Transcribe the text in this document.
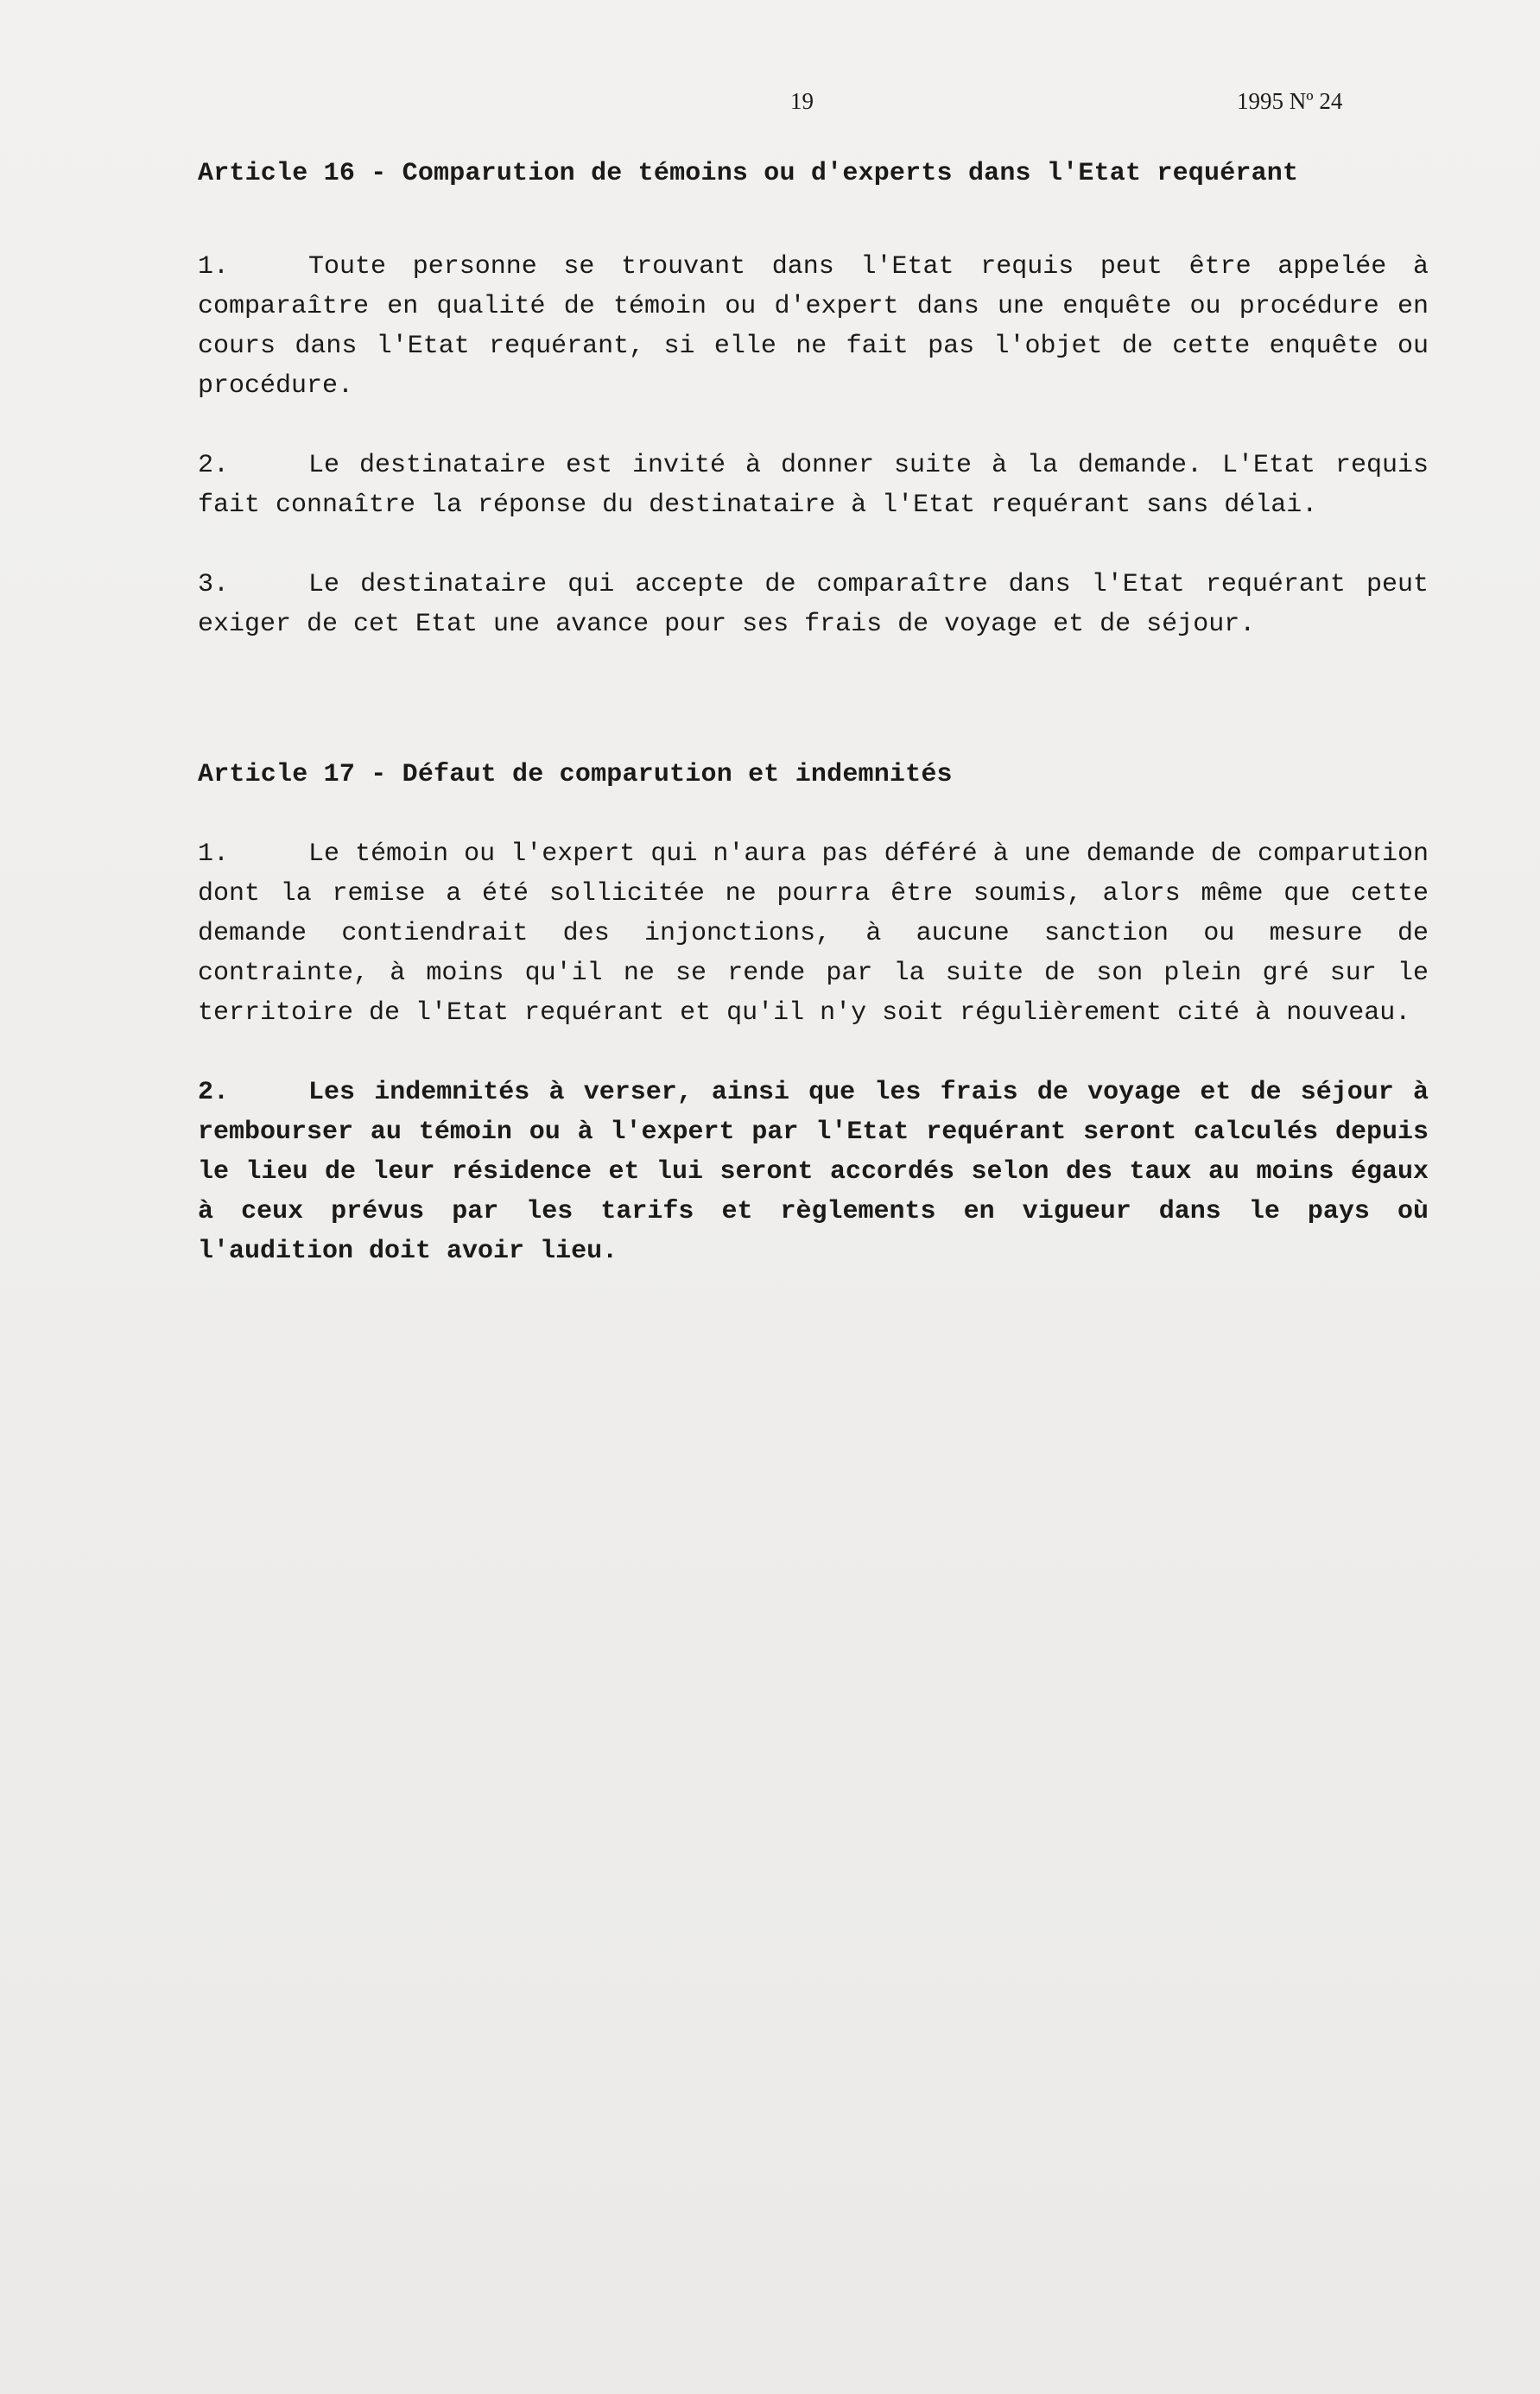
19	1995 Nº 24
Article 16 - Comparution de témoins ou d'experts dans l'Etat requérant

1.	Toute personne se trouvant dans l'Etat requis peut être appelée à comparaître en qualité de témoin ou d'expert dans une enquête ou procédure en cours dans l'Etat requérant, si elle ne fait pas l'objet de cette enquête ou procédure.

2.	Le destinataire est invité à donner suite à la demande. L'Etat requis fait connaître la réponse du destinataire à l'Etat requérant sans délai.

3.	Le destinataire qui accepte de comparaître dans l'Etat requérant peut exiger de cet Etat une avance pour ses frais de voyage et de séjour.

Article 17 - Défaut de comparution et indemnités

1.	Le témoin ou l'expert qui n'aura pas déféré à une demande de comparution dont la remise a été sollicitée ne pourra être soumis, alors même que cette demande contiendrait des injonctions, à aucune sanction ou mesure de contrainte, à moins qu'il ne se rende par la suite de son plein gré sur le territoire de l'Etat requérant et qu'il n'y soit régulièrement cité à nouveau.

2.	Les indemnités à verser, ainsi que les frais de voyage et de séjour à rembourser au témoin ou à l'expert par l'Etat requérant seront calculés depuis le lieu de leur résidence et lui seront accordés selon des taux au moins égaux à ceux prévus par les tarifs et règlements en vigueur dans le pays où l'audition doit avoir lieu.
